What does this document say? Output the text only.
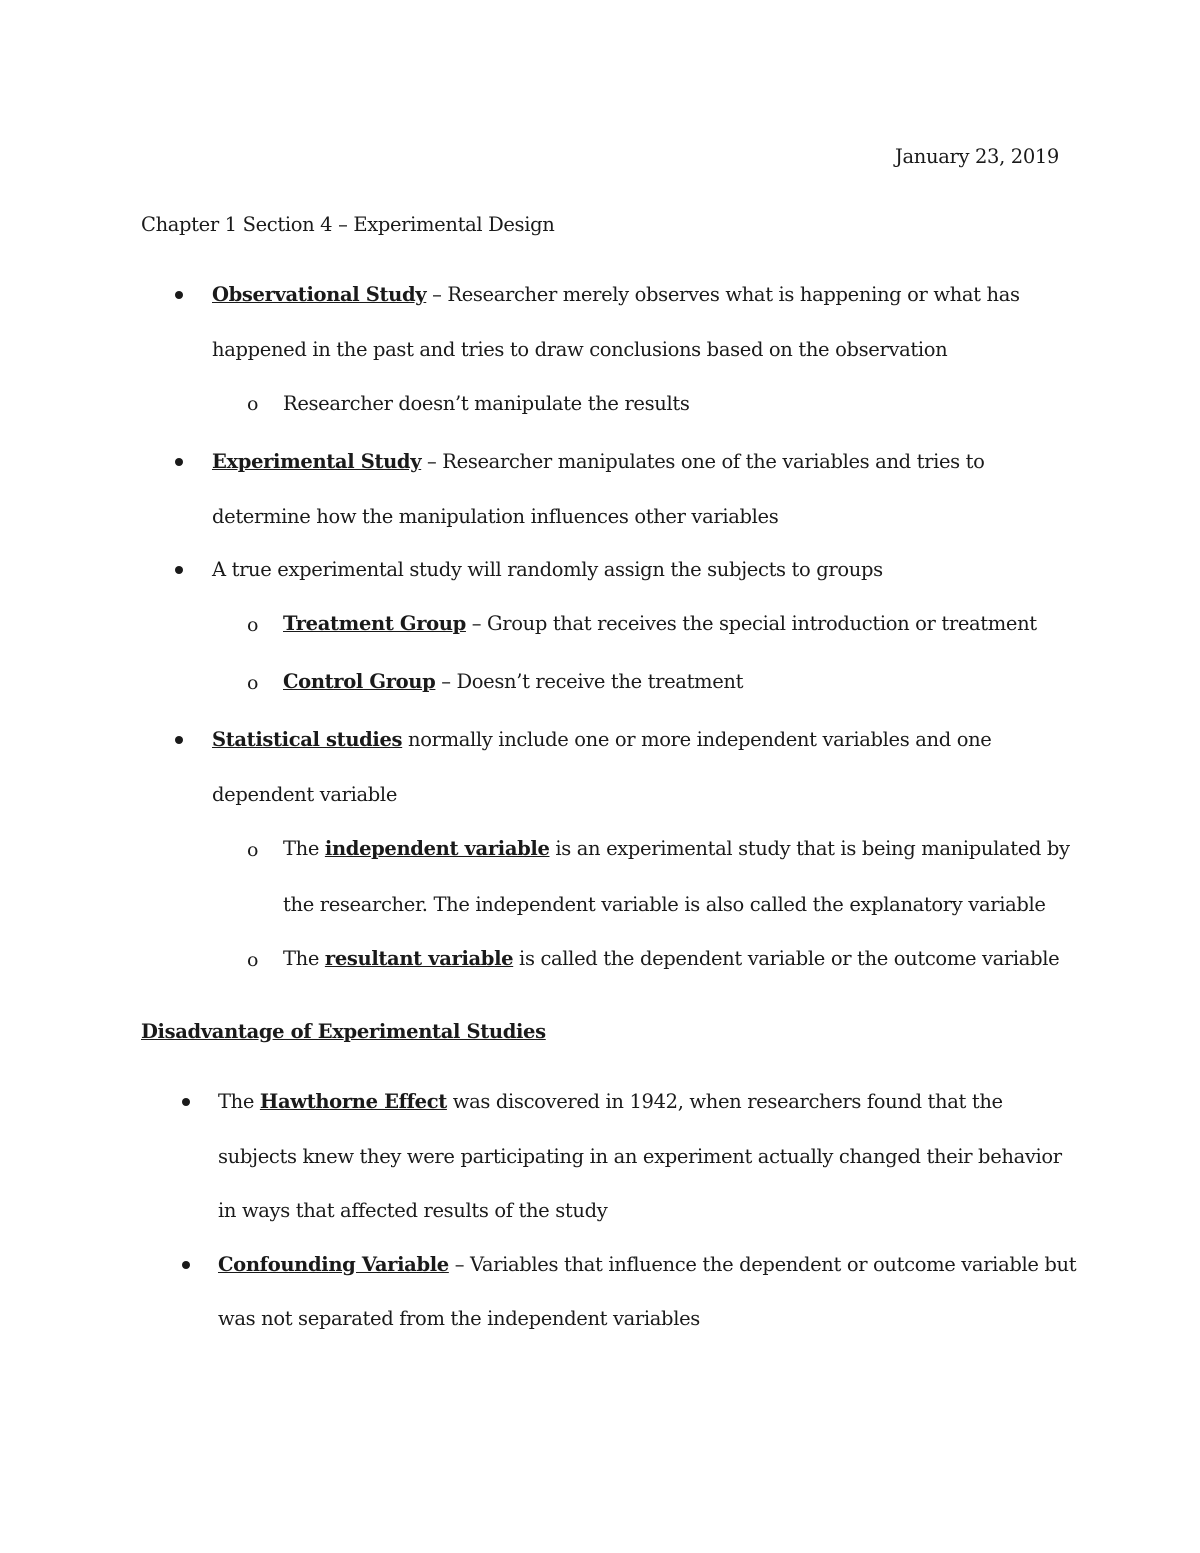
January 23, 2019
Chapter 1 Section 4 – Experimental Design
Observational Study – Researcher merely observes what is happening or what has
happened in the past and tries to draw conclusions based on the observation
o Researcher doesn’t manipulate the results
Experimental Study – Researcher manipulates one of the variables and tries to
determine how the manipulation influences other variables
A true experimental study will randomly assign the subjects to groups
o Treatment Group – Group that receives the special introduction or treatment
o Control Group – Doesn’t receive the treatment
Statistical studies normally include one or more independent variables and one
dependent variable
o The independent variable is an experimental study that is being manipulated by
the researcher. The independent variable is also called the explanatory variable
o The resultant variable is called the dependent variable or the outcome variable
Disadvantage of Experimental Studies
The Hawthorne Effect was discovered in 1942, when researchers found that the
subjects knew they were participating in an experiment actually changed their behavior
in ways that affected results of the study
Confounding Variable – Variables that influence the dependent or outcome variable but
was not separated from the independent variables
